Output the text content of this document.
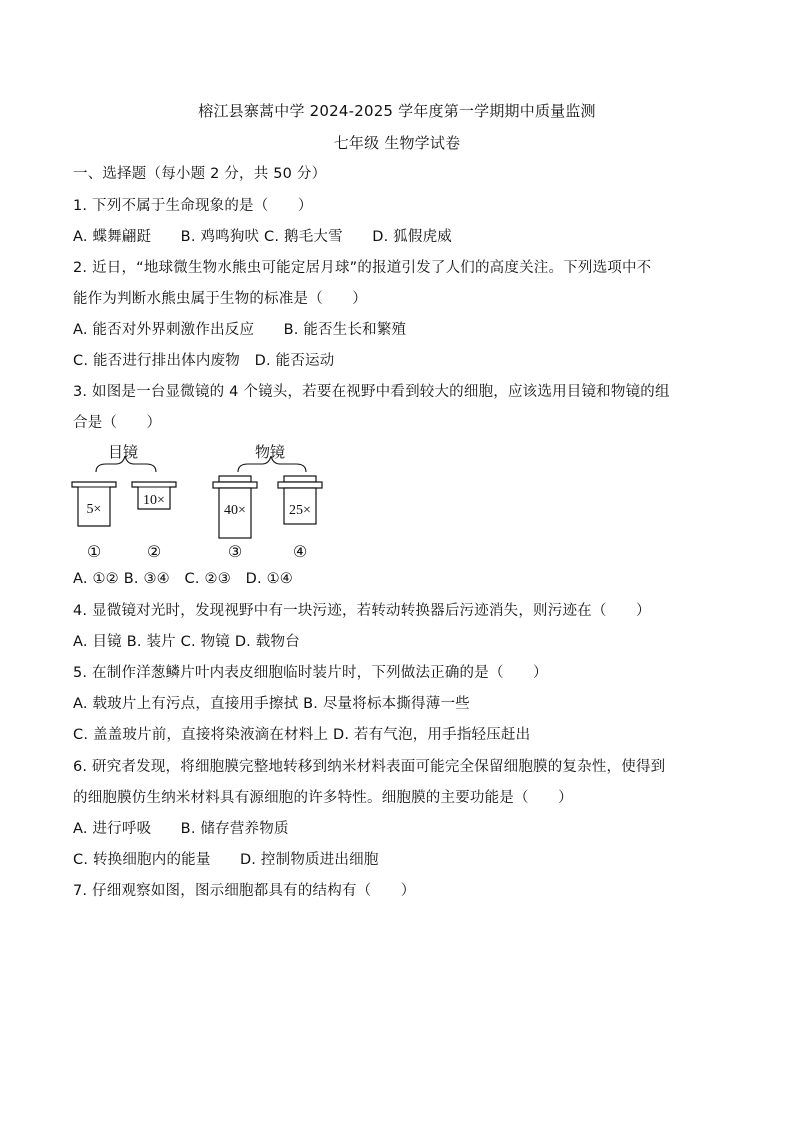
榕江县寨蒿中学 2024-2025 学年度第一学期期中质量监测
七年级 生物学试卷
一、选择题（每小题 2 分，共 50 分）
1. 下列不属于生命现象的是（　　）
A. 蝶舞翩跹　　B. 鸡鸣狗吠 C. 鹅毛大雪　　D. 狐假虎威
2. 近日，“地球微生物水熊虫可能定居月球”的报道引发了人们的高度关注。下列选项中不
能作为判断水熊虫属于生物的标准是（　　）
A. 能否对外界刺激作出反应　　B. 能否生长和繁殖
C. 能否进行排出体内废物　D. 能否运动
3. 如图是一台显微镜的 4 个镜头，若要在视野中看到较大的细胞，应该选用目镜和物镜的组
合是（　　）
目镜	物镜
5×
10×
40×	25×
①	②	③	④
A. ①② B. ③④　C. ②③　D. ①④
4. 显微镜对光时，发现视野中有一块污迹，若转动转换器后污迹消失，则污迹在（　　）
A. 目镜 B. 装片 C. 物镜 D. 载物台
5. 在制作洋葱鳞片叶内表皮细胞临时装片时，下列做法正确的是（　　）
A. 载玻片上有污点，直接用手擦拭 B. 尽量将标本撕得薄一些
C. 盖盖玻片前，直接将染液滴在材料上 D. 若有气泡，用手指轻压赶出
6. 研究者发现，将细胞膜完整地转移到纳米材料表面可能完全保留细胞膜的复杂性，使得到
的细胞膜仿生纳米材料具有源细胞的许多特性。细胞膜的主要功能是（　　）
A. 进行呼吸　　B. 储存营养物质
C. 转换细胞内的能量　　D. 控制物质进出细胞
7. 仔细观察如图，图示细胞都具有的结构有（　　）
